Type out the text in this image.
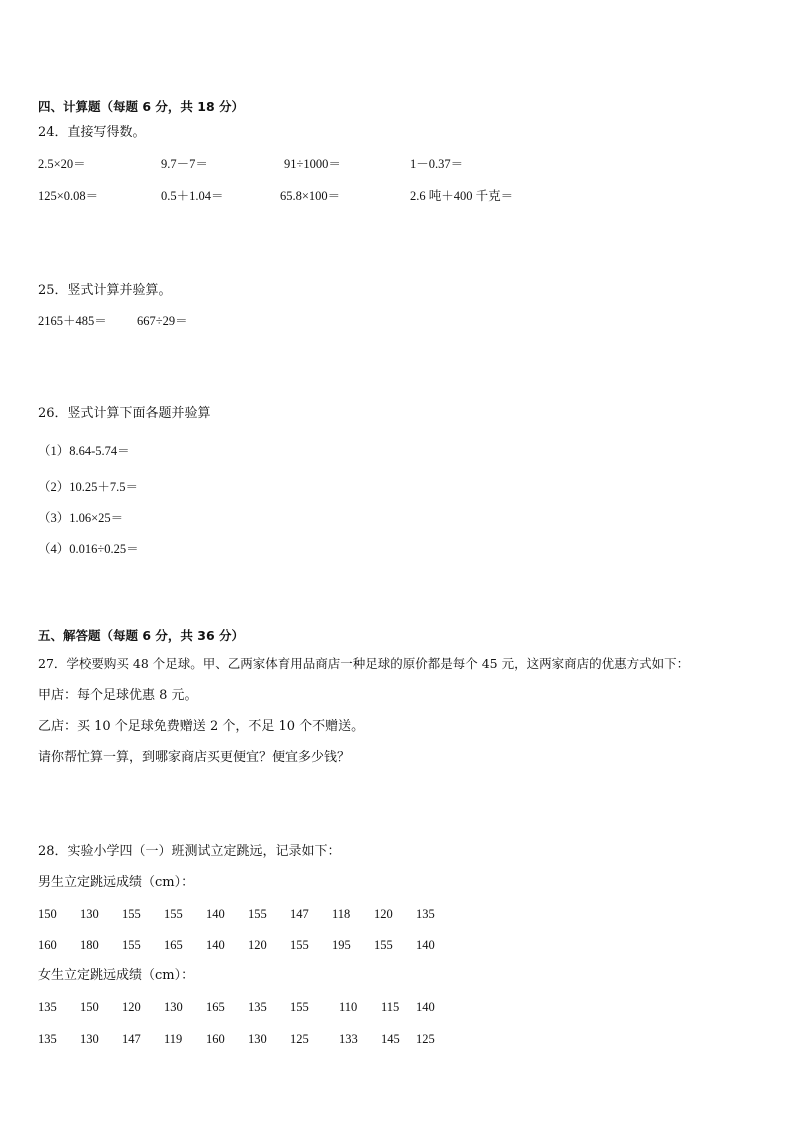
四、计算题（每题 6 分，共 18 分）
24．直接写得数。
2.5×20＝	9.7－7＝	91÷1000＝	1－0.37＝
125×0.08＝	0.5＋1.04＝	65.8×100＝	2.6 吨＋400 千克＝
25．竖式计算并验算。
2165＋485＝ 667÷29＝
26．竖式计算下面各题并验算
（1）8.64-5.74＝
（2）10.25＋7.5＝
（3）1.06×25＝
（4）0.016÷0.25＝
五、解答题（每题 6 分，共 36 分）
27．学校要购买 48 个足球。甲、乙两家体育用品商店一种足球的原价都是每个 45 元，这两家商店的优惠方式如下：
甲店：每个足球优惠 8 元。
乙店：买 10 个足球免费赠送 2 个，不足 10 个不赠送。
请你帮忙算一算，到哪家商店买更便宜？便宜多少钱？
28．实验小学四（一）班测试立定跳远，记录如下：
男生立定跳远成绩（cm）：
150 130 155 155 140 155 147 118 120 135
160 180 155 165 140 120 155 195 155 140
女生立定跳远成绩（cm）：
135 150 120 130 165 135 155 110 115 140
135 130 147 119 160 130 125 133 145 125
